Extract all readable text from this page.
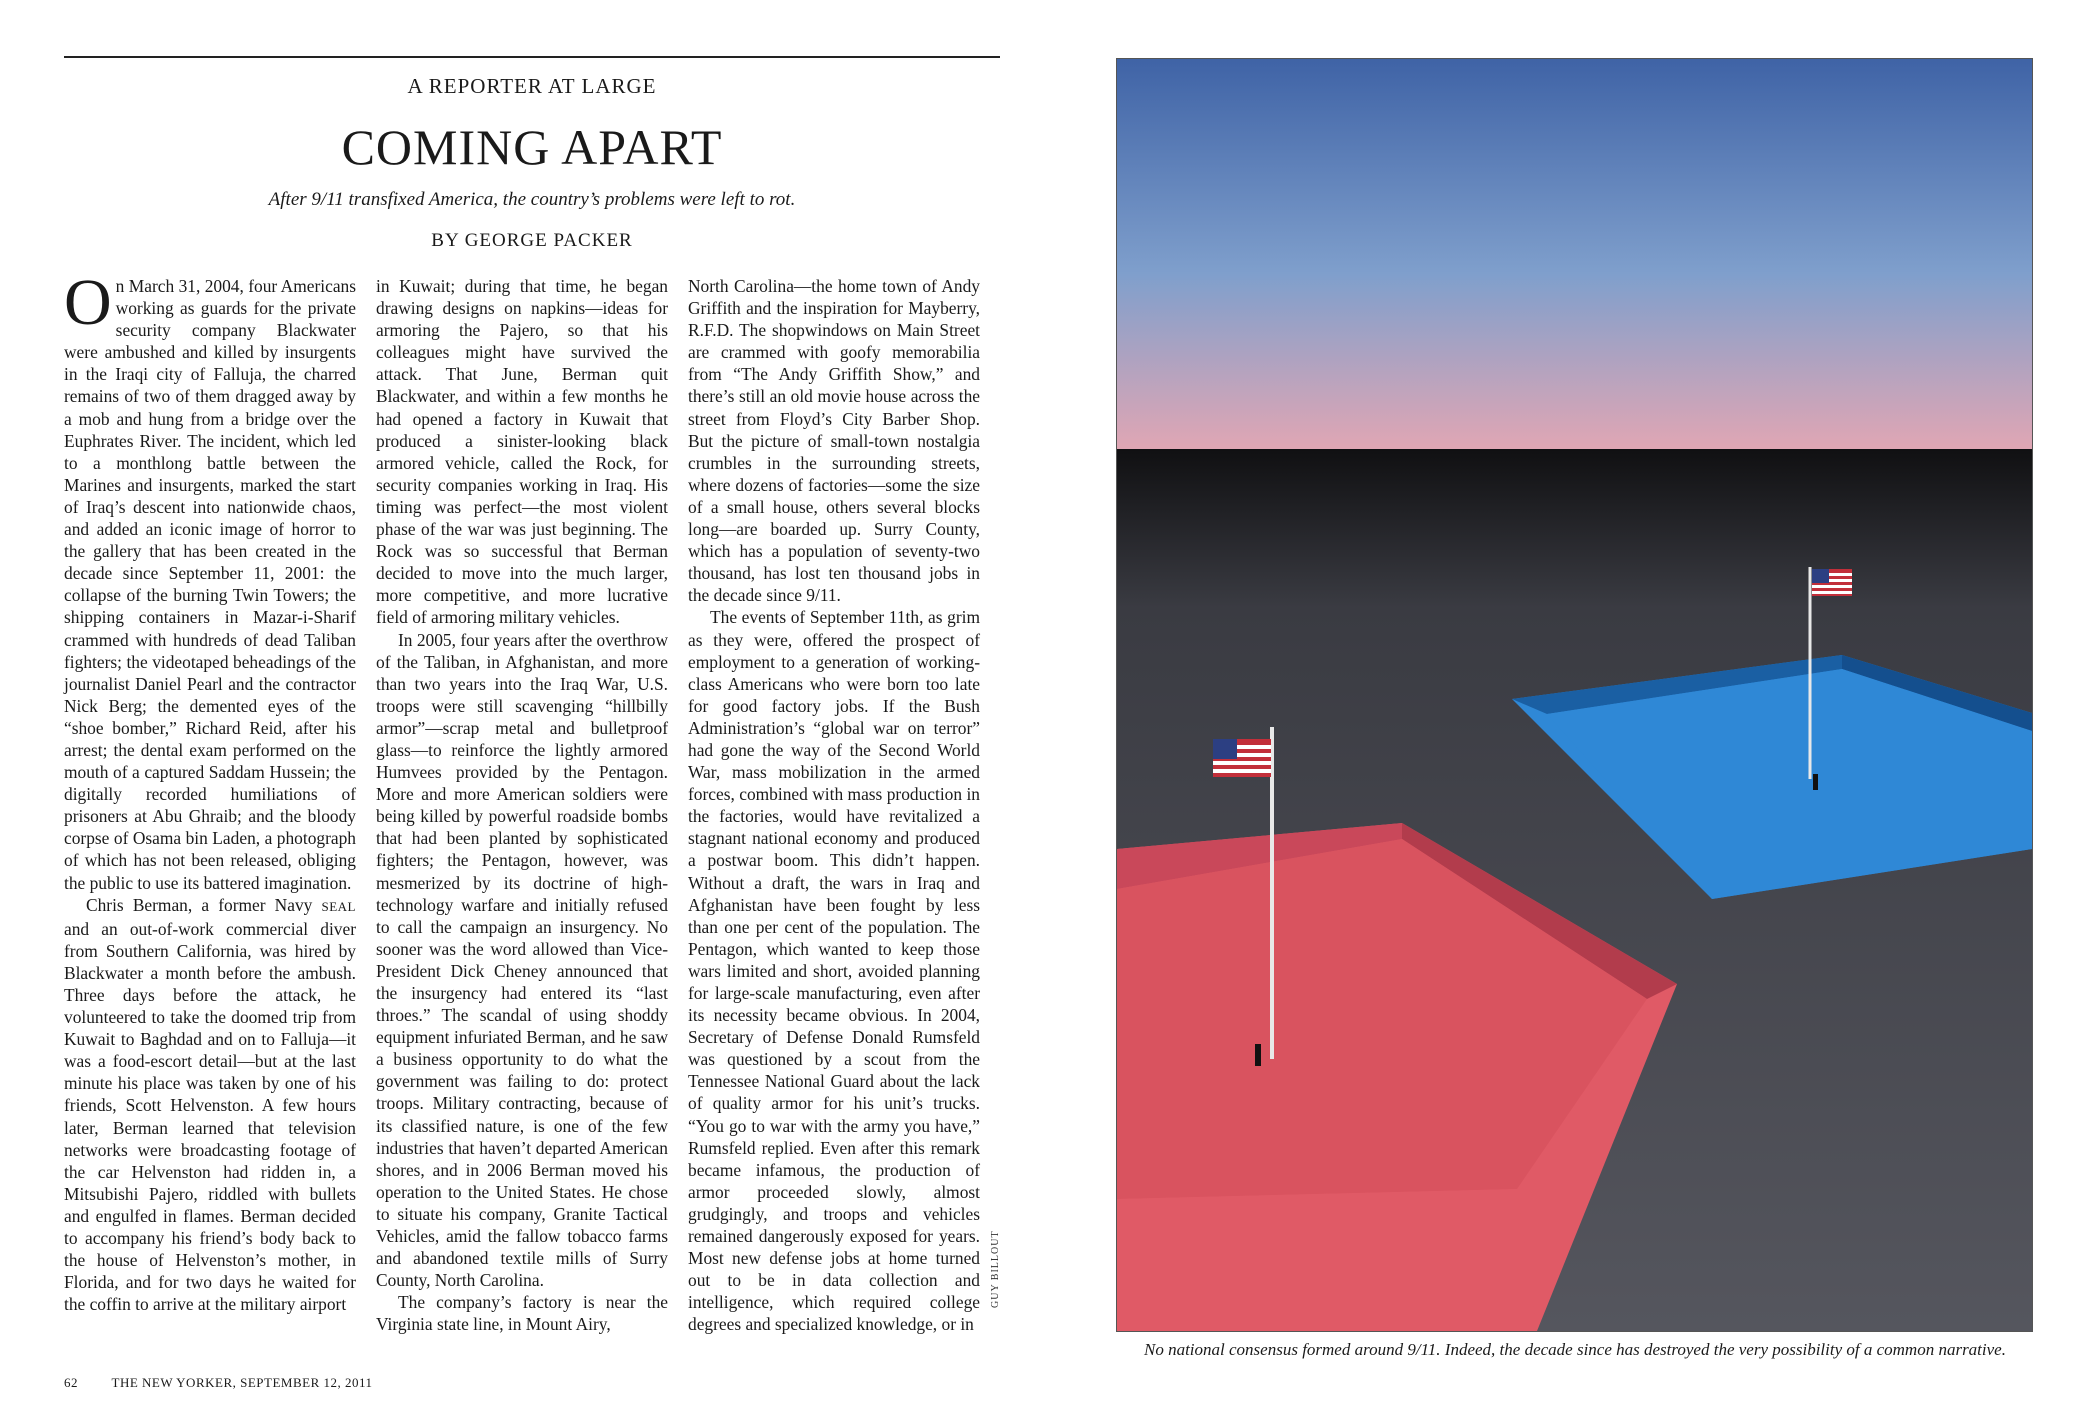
A REPORTER AT LARGE
COMING APART
After 9/11 transfixed America, the country’s problems were left to rot.
BY GEORGE PACKER

On March 31, 2004, four Americans working as guards for the private security company Blackwater were ambushed and killed by insurgents in the Iraqi city of Falluja, the charred remains of two of them dragged away by a mob and hung from a bridge over the Euphrates River. The incident, which led to a monthlong battle between the Marines and insurgents, marked the start of Iraq’s descent into nationwide chaos, and added an iconic image of horror to the gallery that has been created in the decade since September 11, 2001: the collapse of the burning Twin Towers; the shipping containers in Mazar-i-Sharif crammed with hundreds of dead Taliban fighters; the videotaped beheadings of the journalist Daniel Pearl and the contractor Nick Berg; the demented eyes of the “shoe bomber,” Richard Reid, after his arrest; the dental exam performed on the mouth of a captured Saddam Hussein; the digitally recorded humiliations of prisoners at Abu Ghraib; and the bloody corpse of Osama bin Laden, a photograph of which has not been released, obliging the public to use its battered imagination.

Chris Berman, a former Navy SEAL and an out-of-work commercial diver from Southern California, was hired by Blackwater a month before the ambush. Three days before the attack, he volunteered to take the doomed trip from Kuwait to Baghdad and on to Falluja—it was a food-escort detail—but at the last minute his place was taken by one of his friends, Scott Helvenston. A few hours later, Berman learned that television networks were broadcasting footage of the car Helvenston had ridden in, a Mitsubishi Pajero, riddled with bullets and engulfed in flames. Berman decided to accompany his friend’s body back to the house of Helvenston’s mother, in Florida, and for two days he waited for the coffin to arrive at the military airport

in Kuwait; during that time, he began drawing designs on napkins—ideas for armoring the Pajero, so that his colleagues might have survived the attack. That June, Berman quit Blackwater, and within a few months he had opened a factory in Kuwait that produced a sinister-looking black armored vehicle, called the Rock, for security companies working in Iraq. His timing was perfect—the most violent phase of the war was just beginning. The Rock was so successful that Berman decided to move into the much larger, more competitive, and more lucrative field of armoring military vehicles.

In 2005, four years after the overthrow of the Taliban, in Afghanistan, and more than two years into the Iraq War, U.S. troops were still scavenging “hillbilly armor”—scrap metal and bulletproof glass—to reinforce the lightly armored Humvees provided by the Pentagon. More and more American soldiers were being killed by powerful roadside bombs that had been planted by sophisticated fighters; the Pentagon, however, was mesmerized by its doctrine of high-technology warfare and initially refused to call the campaign an insurgency. No sooner was the word allowed than Vice-President Dick Cheney announced that the insurgency had entered its “last throes.” The scandal of using shoddy equipment infuriated Berman, and he saw a business opportunity to do what the government was failing to do: protect troops. Military contracting, because of its classified nature, is one of the few industries that haven’t departed American shores, and in 2006 Berman moved his operation to the United States. He chose to situate his company, Granite Tactical Vehicles, amid the fallow tobacco farms and abandoned textile mills of Surry County, North Carolina.

The company’s factory is near the Virginia state line, in Mount Airy,

North Carolina—the home town of Andy Griffith and the inspiration for Mayberry, R.F.D. The shopwindows on Main Street are crammed with goofy memorabilia from “The Andy Griffith Show,” and there’s still an old movie house across the street from Floyd’s City Barber Shop. But the picture of small-town nostalgia crumbles in the surrounding streets, where dozens of factories—some the size of a small house, others several blocks long—are boarded up. Surry County, which has a population of seventy-two thousand, has lost ten thousand jobs in the decade since 9/11.

The events of September 11th, as grim as they were, offered the prospect of employment to a generation of working-class Americans who were born too late for good factory jobs. If the Bush Administration’s “global war on terror” had gone the way of the Second World War, mass mobilization in the armed forces, combined with mass production in the factories, would have revitalized a stagnant national economy and produced a postwar boom. This didn’t happen. Without a draft, the wars in Iraq and Afghanistan have been fought by less than one per cent of the population. The Pentagon, which wanted to keep those wars limited and short, avoided planning for large-scale manufacturing, even after its necessity became obvious. In 2004, Secretary of Defense Donald Rumsfeld was questioned by a scout from the Tennessee National Guard about the lack of quality armor for his unit’s trucks. “You go to war with the army you have,” Rumsfeld replied. Even after this remark became infamous, the production of armor proceeded slowly, almost grudgingly, and troops and vehicles remained dangerously exposed for years. Most new defense jobs at home turned out to be in data collection and intelligence, which required college degrees and specialized knowledge, or in

GUY BILLOUT
62	THE NEW YORKER, SEPTEMBER 12, 2011
No national consensus formed around 9/11. Indeed, the decade since has destroyed the very possibility of a common narrative.
